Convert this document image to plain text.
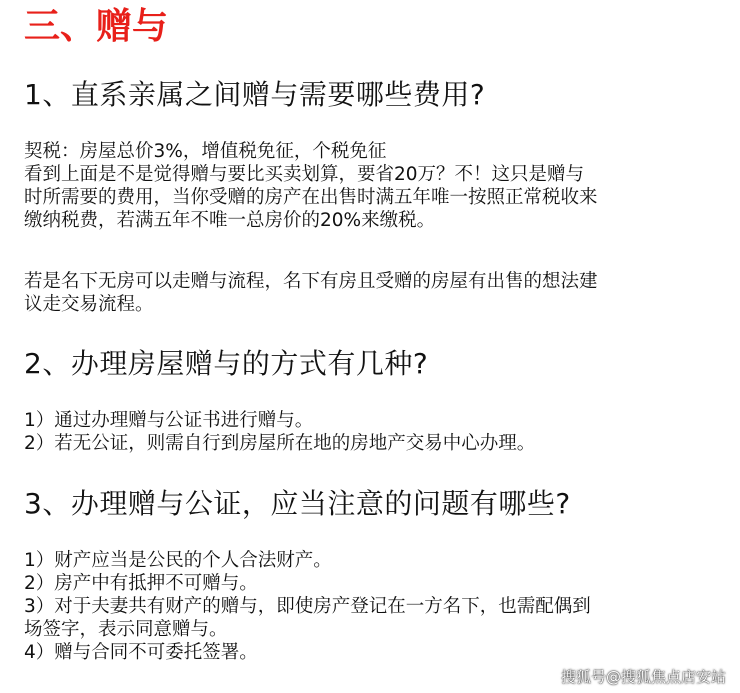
三、赠与
1、直系亲属之间赠与需要哪些费用?
契税：房屋总价3%，增值税免征，个税免征
看到上面是不是觉得赠与要比买卖划算，要省20万？不！这只是赠与
时所需要的费用，当你受赠的房产在出售时满五年唯一按照正常税收来
缴纳税费，若满五年不唯一总房价的20%来缴税。
若是名下无房可以走赠与流程，名下有房且受赠的房屋有出售的想法建
议走交易流程。
2、办理房屋赠与的方式有几种?
1）通过办理赠与公证书进行赠与。
2）若无公证，则需自行到房屋所在地的房地产交易中心办理。
3、办理赠与公证，应当注意的问题有哪些?
1）财产应当是公民的个人合法财产。
2）房产中有抵押不可赠与。
3）对于夫妻共有财产的赠与，即使房产登记在一方名下，也需配偶到
场签字，表示同意赠与。
4）赠与合同不可委托签署。
搜狐号@搜狐焦点店安站
